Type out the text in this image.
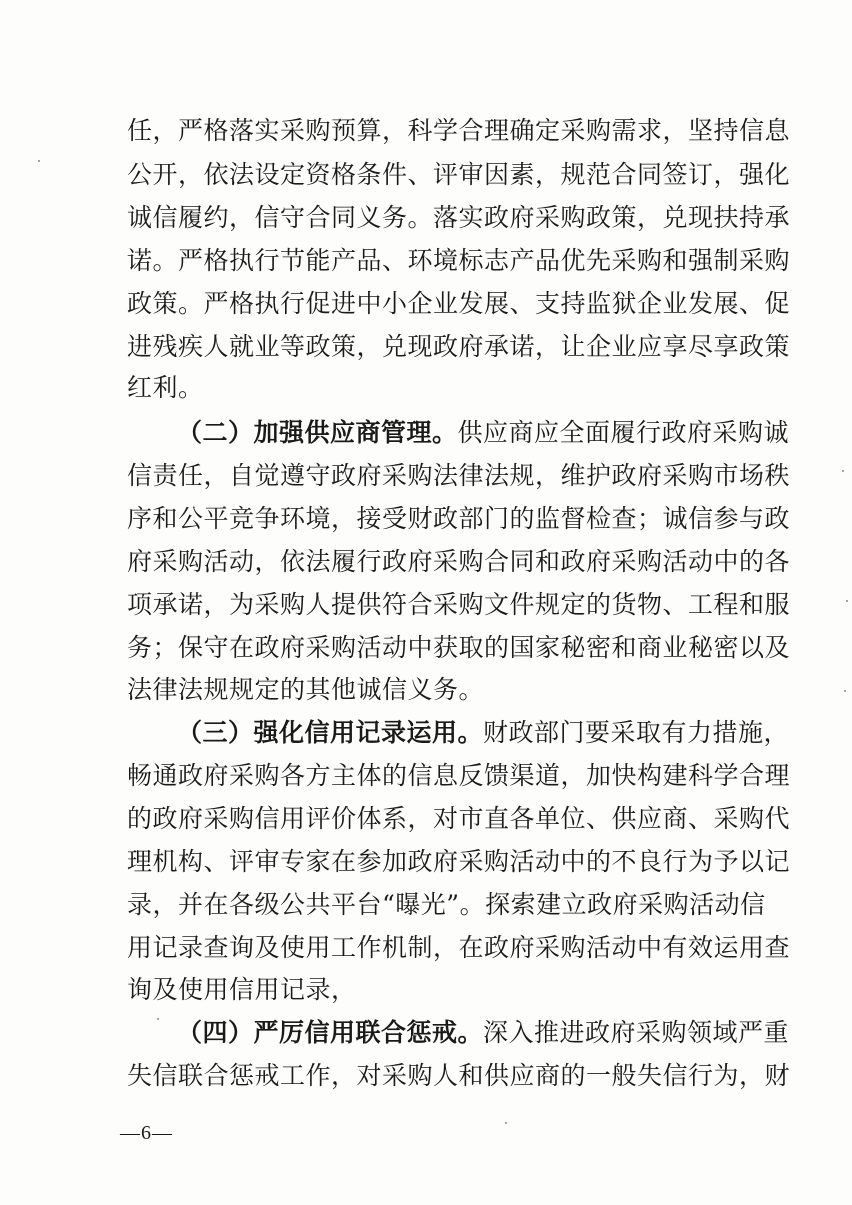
任，严格落实采购预算，科学合理确定采购需求，坚持信息
公开，依法设定资格条件、评审因素，规范合同签订，强化
诚信履约，信守合同义务。落实政府采购政策，兑现扶持承
诺。严格执行节能产品、环境标志产品优先采购和强制采购
政策。严格执行促进中小企业发展、支持监狱企业发展、促
进残疾人就业等政策，兑现政府承诺，让企业应享尽享政策
红利。
（二）加强供应商管理。供应商应全面履行政府采购诚
信责任，自觉遵守政府采购法律法规，维护政府采购市场秩
序和公平竞争环境，接受财政部门的监督检查；诚信参与政
府采购活动，依法履行政府采购合同和政府采购活动中的各
项承诺，为采购人提供符合采购文件规定的货物、工程和服
务；保守在政府采购活动中获取的国家秘密和商业秘密以及
法律法规规定的其他诚信义务。
（三）强化信用记录运用。财政部门要采取有力措施，
畅通政府采购各方主体的信息反馈渠道，加快构建科学合理
的政府采购信用评价体系，对市直各单位、供应商、采购代
理机构、评审专家在参加政府采购活动中的不良行为予以记
录，并在各级公共平台“曝光”。探索建立政府采购活动信
用记录查询及使用工作机制，在政府采购活动中有效运用查
询及使用信用记录，
（四）严厉信用联合惩戒。深入推进政府采购领域严重
失信联合惩戒工作，对采购人和供应商的一般失信行为，财
—6—
